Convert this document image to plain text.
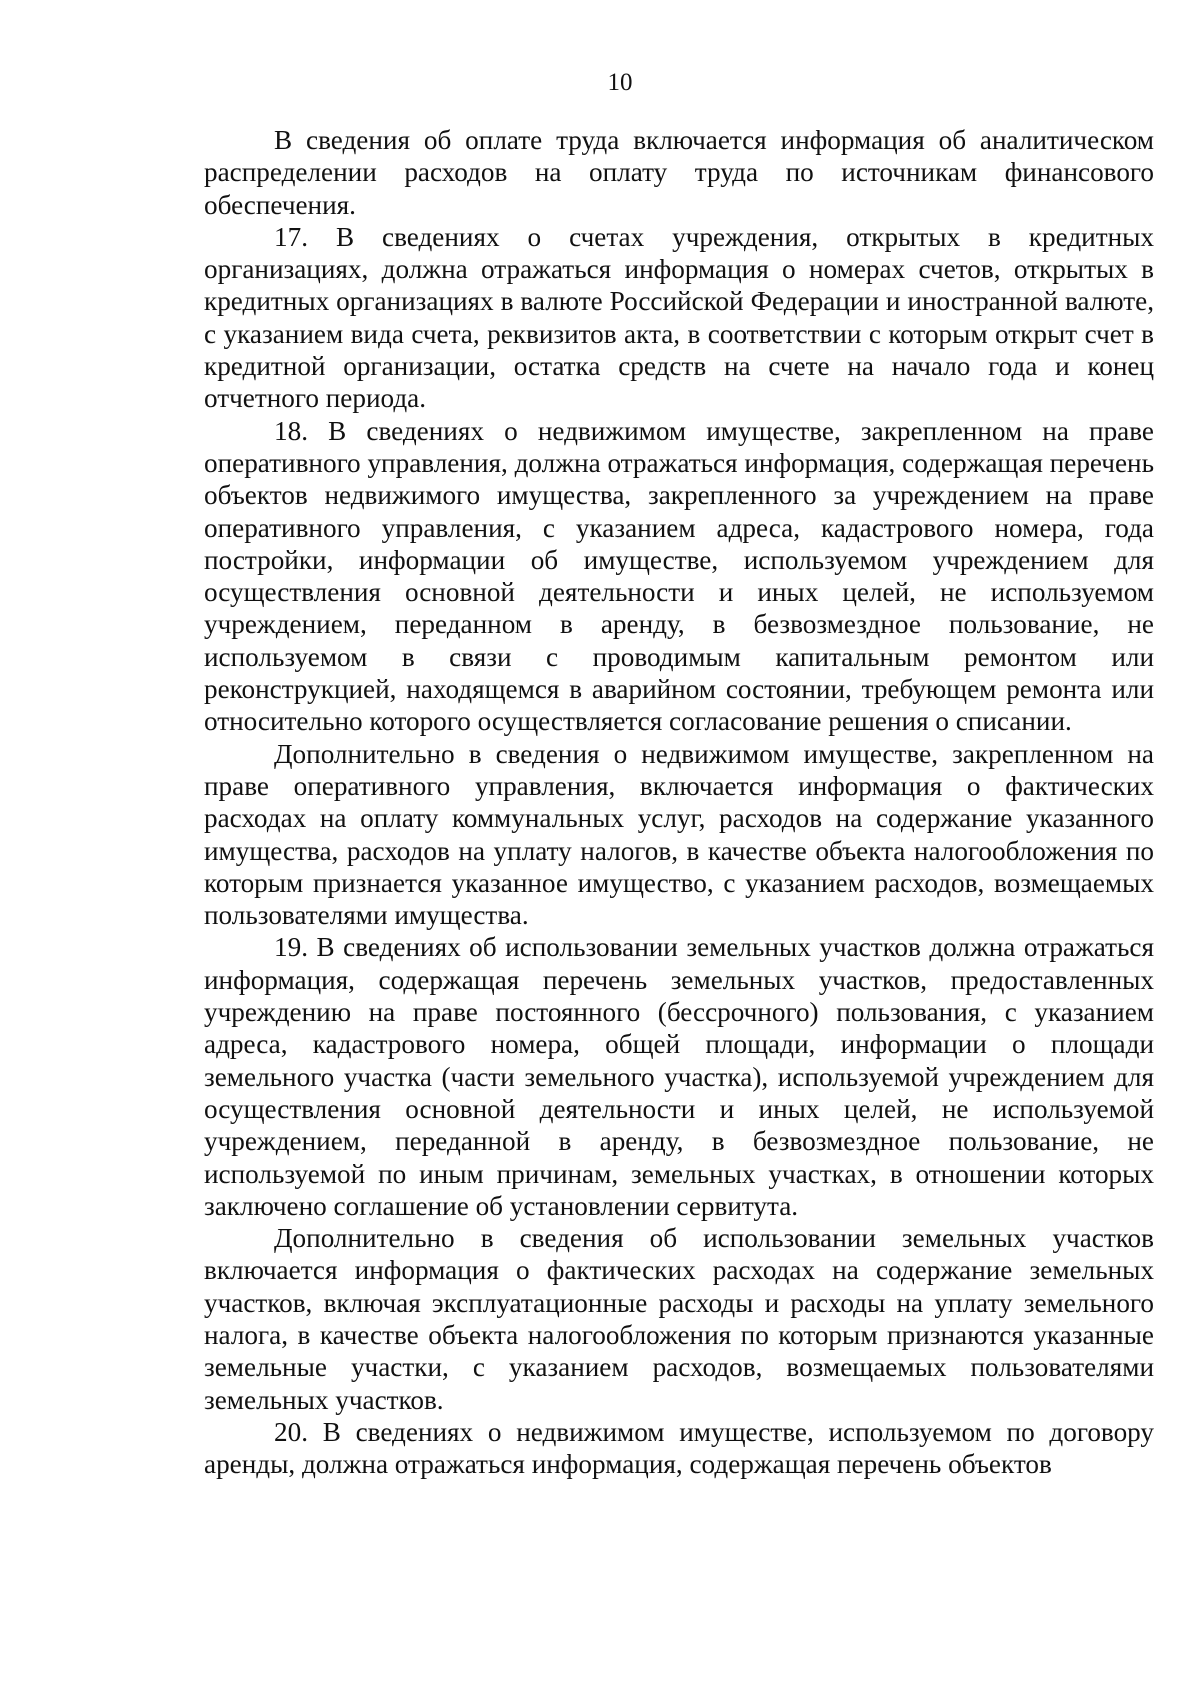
10

В сведения об оплате труда включается информация об аналитическом распределении расходов на оплату труда по источникам финансового обеспечения.

17. В сведениях о счетах учреждения, открытых в кредитных организациях, должна отражаться информация о номерах счетов, открытых в кредитных организациях в валюте Российской Федерации и иностранной валюте, с указанием вида счета, реквизитов акта, в соответствии с которым открыт счет в кредитной организации, остатка средств на счете на начало года и конец отчетного периода.

18. В сведениях о недвижимом имуществе, закрепленном на праве оперативного управления, должна отражаться информация, содержащая перечень объектов недвижимого имущества, закрепленного за учреждением на праве оперативного управления, с указанием адреса, кадастрового номера, года постройки, информации об имуществе, используемом учреждением для осуществления основной деятельности и иных целей, не используемом учреждением, переданном в аренду, в безвозмездное пользование, не используемом в связи с проводимым капитальным ремонтом или реконструкцией, находящемся в аварийном состоянии, требующем ремонта или относительно которого осуществляется согласование решения о списании.

Дополнительно в сведения о недвижимом имуществе, закрепленном на праве оперативного управления, включается информация о фактических расходах на оплату коммунальных услуг, расходов на содержание указанного имущества, расходов на уплату налогов, в качестве объекта налогообложения по которым признается указанное имущество, с указанием расходов, возмещаемых пользователями имущества.

19. В сведениях об использовании земельных участков должна отражаться информация, содержащая перечень земельных участков, предоставленных учреждению на праве постоянного (бессрочного) пользования, с указанием адреса, кадастрового номера, общей площади, информации о площади земельного участка (части земельного участка), используемой учреждением для осуществления основной деятельности и иных целей, не используемой учреждением, переданной в аренду, в безвозмездное пользование, не используемой по иным причинам, земельных участках, в отношении которых заключено соглашение об установлении сервитута.

Дополнительно в сведения об использовании земельных участков включается информация о фактических расходах на содержание земельных участков, включая эксплуатационные расходы и расходы на уплату земельного налога, в качестве объекта налогообложения по которым признаются указанные земельные участки, с указанием расходов, возмещаемых пользователями земельных участков.

20. В сведениях о недвижимом имуществе, используемом по договору аренды, должна отражаться информация, содержащая перечень объектов
